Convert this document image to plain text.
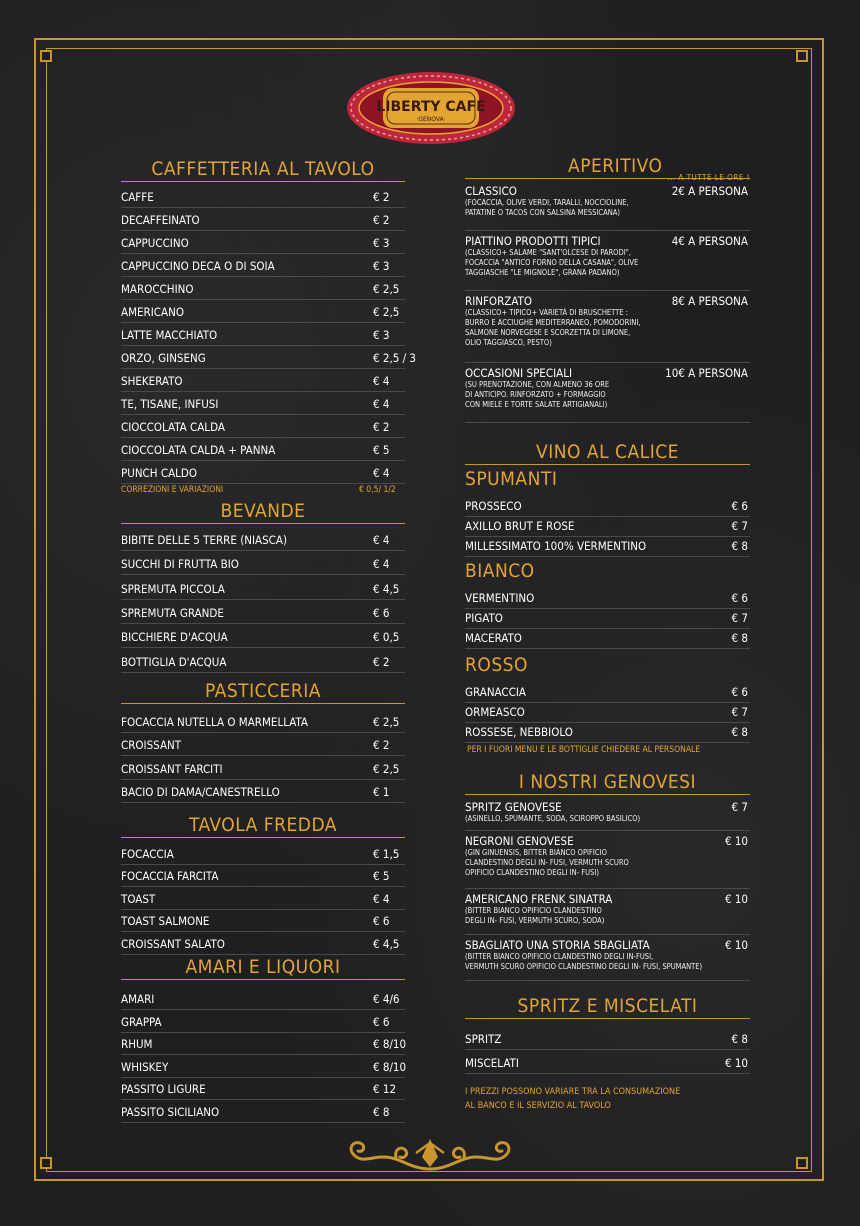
LIBERTY CAFE
·GENOVA·
CAFFETTERIA AL TAVOLO
CAFFE	€ 2
DECAFFEINATO	€ 2
CAPPUCCINO	€ 3
CAPPUCCINO DECA O DI SOIA	€ 3
MAROCCHINO	€ 2,5
AMERICANO	€ 2,5
LATTE MACCHIATO	€ 3
ORZO, GINSENG	€ 2,5 / 3
SHEKERATO	€ 4
TE, TISANE, INFUSI	€ 4
CIOCCOLATA CALDA	€ 2
CIOCCOLATA CALDA + PANNA	€ 5
PUNCH CALDO	€ 4
CORREZIONI E VARIAZIONI	€ 0,5/ 1/2
BEVANDE
BIBITE DELLE 5 TERRE (NIASCA)	€ 4
SUCCHI DI FRUTTA BIO	€ 4
SPREMUTA PICCOLA	€ 4,5
SPREMUTA GRANDE	€ 6
BICCHIERE D'ACQUA	€ 0,5
BOTTIGLIA D'ACQUA	€ 2
PASTICCERIA
FOCACCIA NUTELLA O MARMELLATA	€ 2,5
CROISSANT	€ 2
CROISSANT FARCITI	€ 2,5
BACIO DI DAMA/CANESTRELLO	€ 1
TAVOLA FREDDA
FOCACCIA	€ 1,5
FOCACCIA FARCITA	€ 5
TOAST	€ 4
TOAST SALMONE	€ 6
CROISSANT SALATO	€ 4,5
AMARI E LIQUORI
AMARI	€ 4/6
GRAPPA	€ 6
RHUM	€ 8/10
WHISKEY	€ 8/10
PASSITO LIGURE	€ 12
PASSITO SICILIANO	€ 8
APERITIVO
... A TUTTE LE ORE !
CLASSICO	2€ A PERSONA
(FOCACCIA, OLIVE VERDI, TARALLI, NOCCIOLINE,
PATATINE O TACOS CON SALSINA MESSICANA)
PIATTINO PRODOTTI TIPICI	4€ A PERSONA
(CLASSICO+ SALAME "SANT'OLCESE DI PARODI",
FOCACCIA "ANTICO FORNO DELLA CASANA", OLIVE
TAGGIASCHE "LE MIGNOLE", GRANA PADANO)
RINFORZATO	8€ A PERSONA
(CLASSICO+ TIPICO+ VARIETÀ DI BRUSCHETTE :
BURRO E ACCIUGHE MEDITERRANEO, POMODORINI,
SALMONE NORVEGESE E SCORZETTA DI LIMONE,
OLIO TAGGIASCO, PESTO)
OCCASIONI SPECIALI	10€ A PERSONA
(SU PRENOTAZIONE, CON ALMENO 36 ORE
DI ANTICIPO. RINFORZATO + FORMAGGIO
CON MIELE E TORTE SALATE ARTIGIANALI)
VINO AL CALICE
SPUMANTI
PROSSECO	€ 6
AXILLO BRUT E ROSE	€ 7
MILLESSIMATO 100% VERMENTINO	€ 8
BIANCO
VERMENTINO	€ 6
PIGATO	€ 7
MACERATO	€ 8
ROSSO
GRANACCIA	€ 6
ORMEASCO	€ 7
ROSSESE, NEBBIOLO	€ 8
PER I FUORI MENU E LE BOTTIGLIE CHIEDERE AL PERSONALE
I NOSTRI GENOVESI
SPRITZ GENOVESE	€ 7
(ASINELLO, SPUMANTE, SODA, SCIROPPO BASILICO)
NEGRONI GENOVESE	€ 10
(GIN GINUENSIS, BITTER BIANCO OPIFICIO
CLANDESTINO DEGLI IN- FUSI, VERMUTH SCURO
OPIFICIO CLANDESTINO DEGLI IN- FUSI)
AMERICANO FRENK SINATRA	€ 10
(BITTER BIANCO OPIFICIO CLANDESTINO
DEGLI IN- FUSI, VERMUTH SCURO, SODA)
SBAGLIATO UNA STORIA SBAGLIATA	€ 10
(BITTER BIANCO OPIFICIO CLANDESTINO DEGLI IN-FUSI,
VERMUTH SCURO OPIFICIO CLANDESTINO DEGLI IN- FUSI, SPUMANTE)
SPRITZ E MISCELATI
SPRITZ	€ 8
MISCELATI	€ 10
I PREZZI POSSONO VARIARE TRA LA CONSUMAZIONE
AL BANCO E IL SERVIZIO AL TAVOLO
